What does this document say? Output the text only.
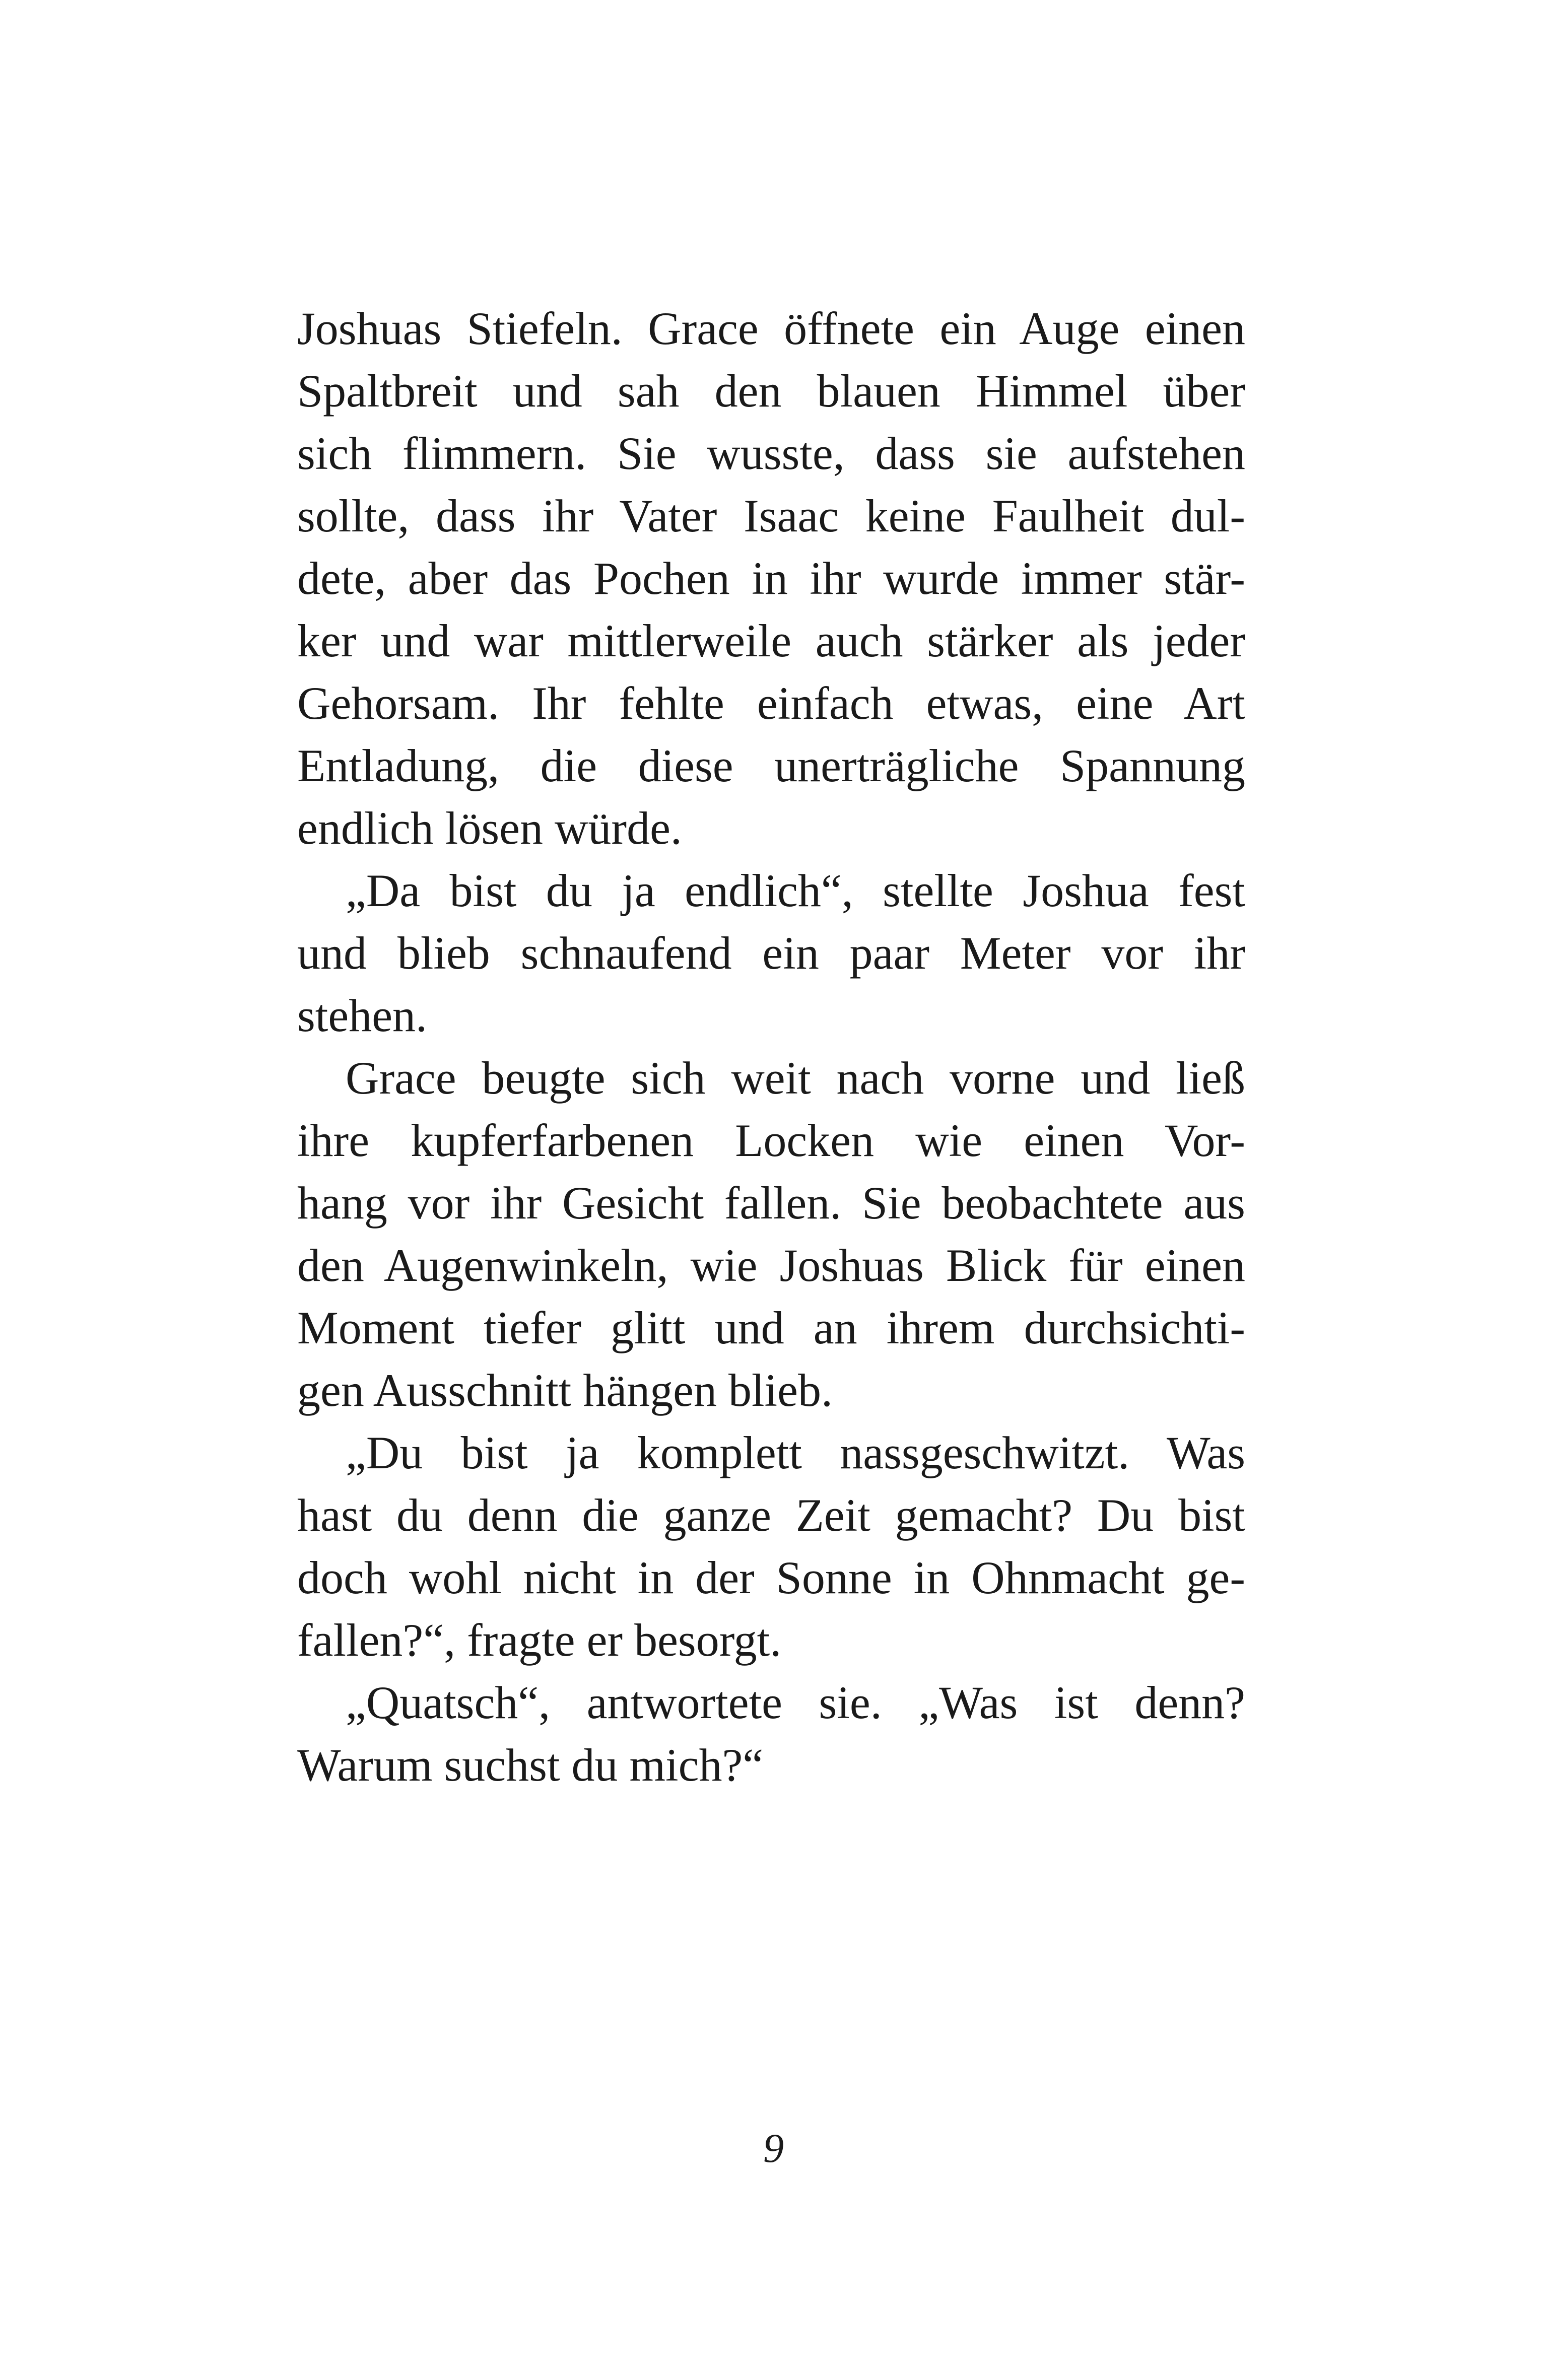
Joshuas Stiefeln. Grace öffnete ein Auge einen
Spaltbreit und sah den blauen Himmel über
sich flimmern. Sie wusste, dass sie aufstehen
sollte, dass ihr Vater Isaac keine Faulheit dul-
dete, aber das Pochen in ihr wurde immer stär-
ker und war mittlerweile auch stärker als jeder
Gehorsam. Ihr fehlte einfach etwas, eine Art
Entladung, die diese unerträgliche Spannung
endlich lösen würde.
„Da bist du ja endlich“, stellte Joshua fest
und blieb schnaufend ein paar Meter vor ihr
stehen.
Grace beugte sich weit nach vorne und ließ
ihre kupferfarbenen Locken wie einen Vor-
hang vor ihr Gesicht fallen. Sie beobachtete aus
den Augenwinkeln, wie Joshuas Blick für einen
Moment tiefer glitt und an ihrem durchsichti-
gen Ausschnitt hängen blieb.
„Du bist ja komplett nassgeschwitzt. Was
hast du denn die ganze Zeit gemacht? Du bist
doch wohl nicht in der Sonne in Ohnmacht ge-
fallen?“, fragte er besorgt.
„Quatsch“, antwortete sie. „Was ist denn?
Warum suchst du mich?“
9
